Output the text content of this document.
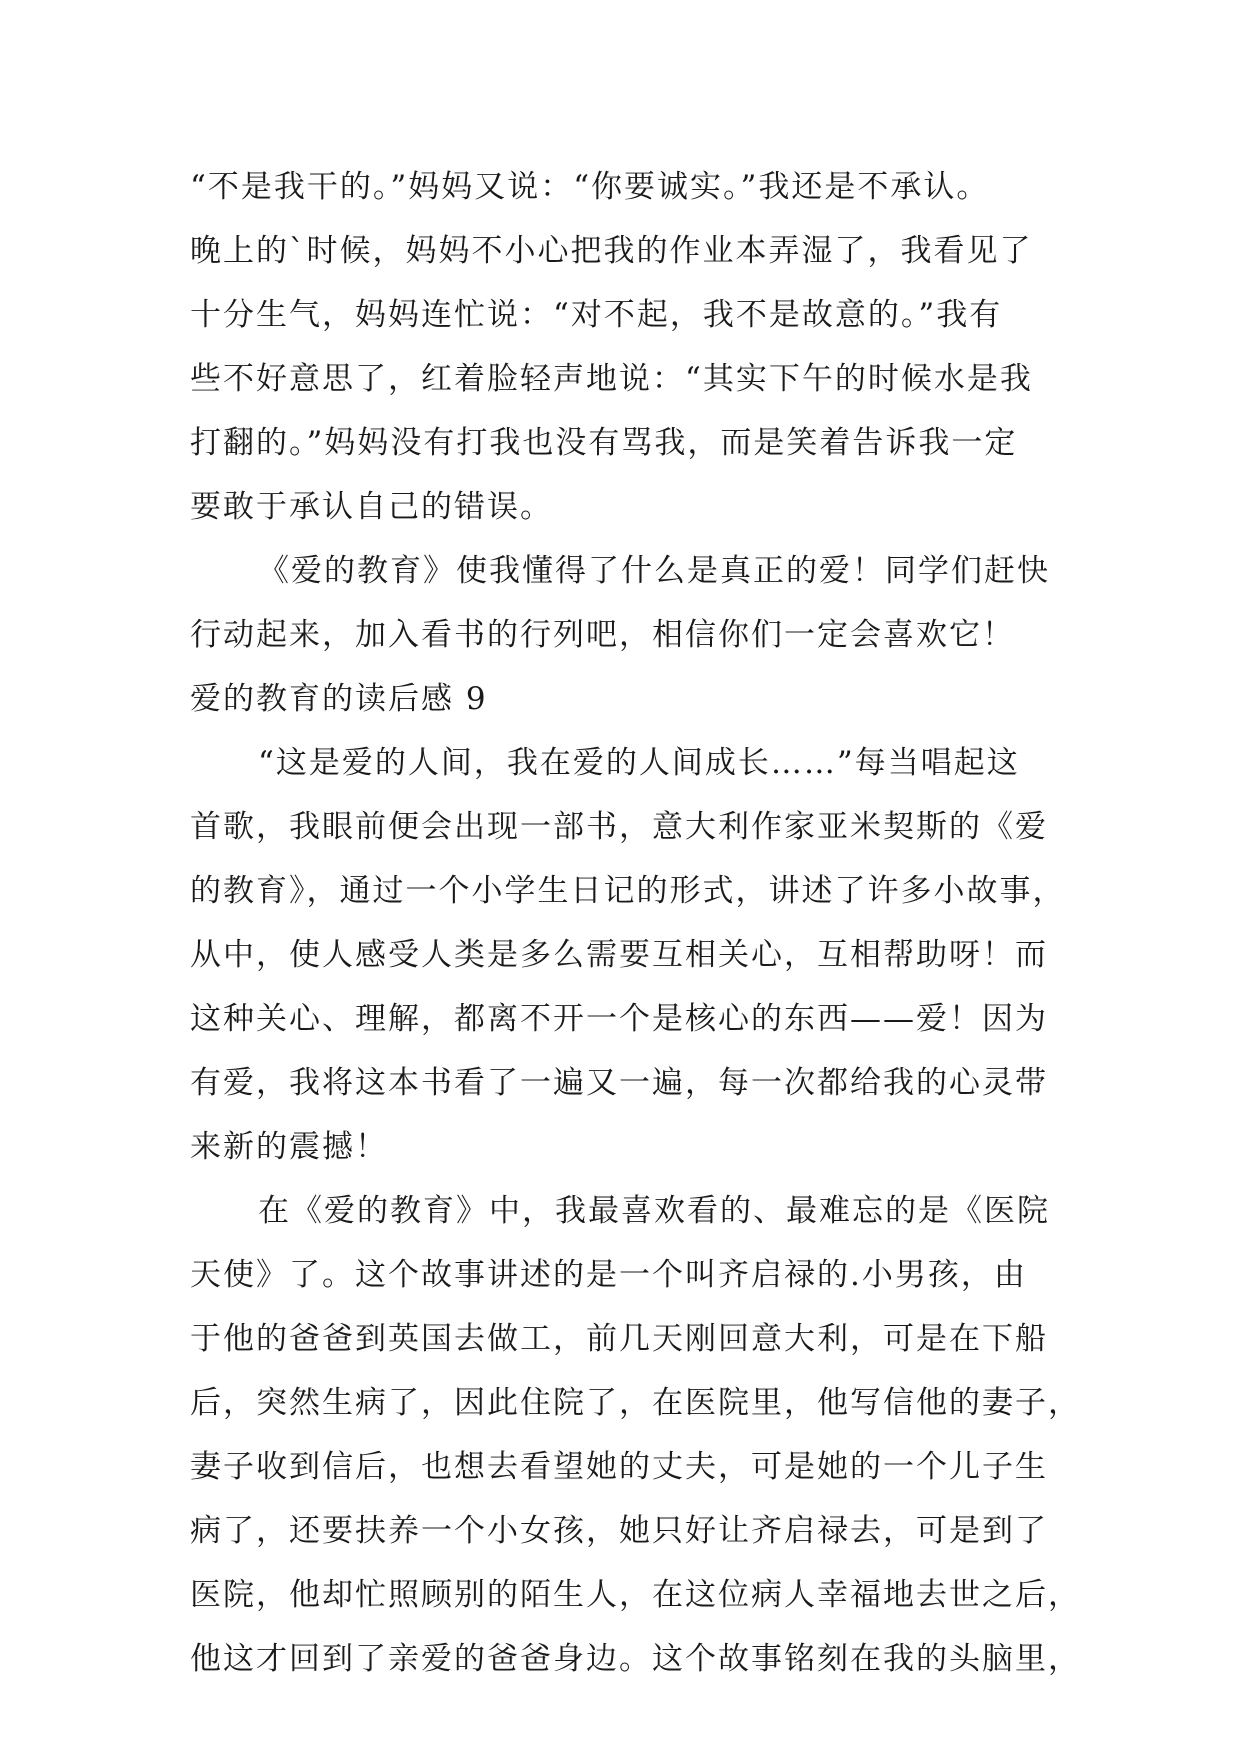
“不是我干的。”妈妈又说：“你要诚实。”我还是不承认。
晚上的`时候，妈妈不小心把我的作业本弄湿了，我看见了
十分生气，妈妈连忙说：“对不起，我不是故意的。”我有
些不好意思了，红着脸轻声地说：“其实下午的时候水是我
打翻的。”妈妈没有打我也没有骂我，而是笑着告诉我一定
要敢于承认自己的错误。
《爱的教育》使我懂得了什么是真正的爱！同学们赶快
行动起来，加入看书的行列吧，相信你们一定会喜欢它！
爱的教育的读后感 9
“这是爱的人间，我在爱的人间成长……”每当唱起这
首歌，我眼前便会出现一部书，意大利作家亚米契斯的《爱
的教育》，通过一个小学生日记的形式，讲述了许多小故事，
从中，使人感受人类是多么需要互相关心，互相帮助呀！而
这种关心、理解，都离不开一个是核心的东西——爱！因为
有爱，我将这本书看了一遍又一遍，每一次都给我的心灵带
来新的震撼！
在《爱的教育》中，我最喜欢看的、最难忘的是《医院
天使》了。这个故事讲述的是一个叫齐启禄的.小男孩，由
于他的爸爸到英国去做工，前几天刚回意大利，可是在下船
后，突然生病了，因此住院了，在医院里，他写信他的妻子，
妻子收到信后，也想去看望她的丈夫，可是她的一个儿子生
病了，还要扶养一个小女孩，她只好让齐启禄去，可是到了
医院，他却忙照顾别的陌生人，在这位病人幸福地去世之后，
他这才回到了亲爱的爸爸身边。这个故事铭刻在我的头脑里，
